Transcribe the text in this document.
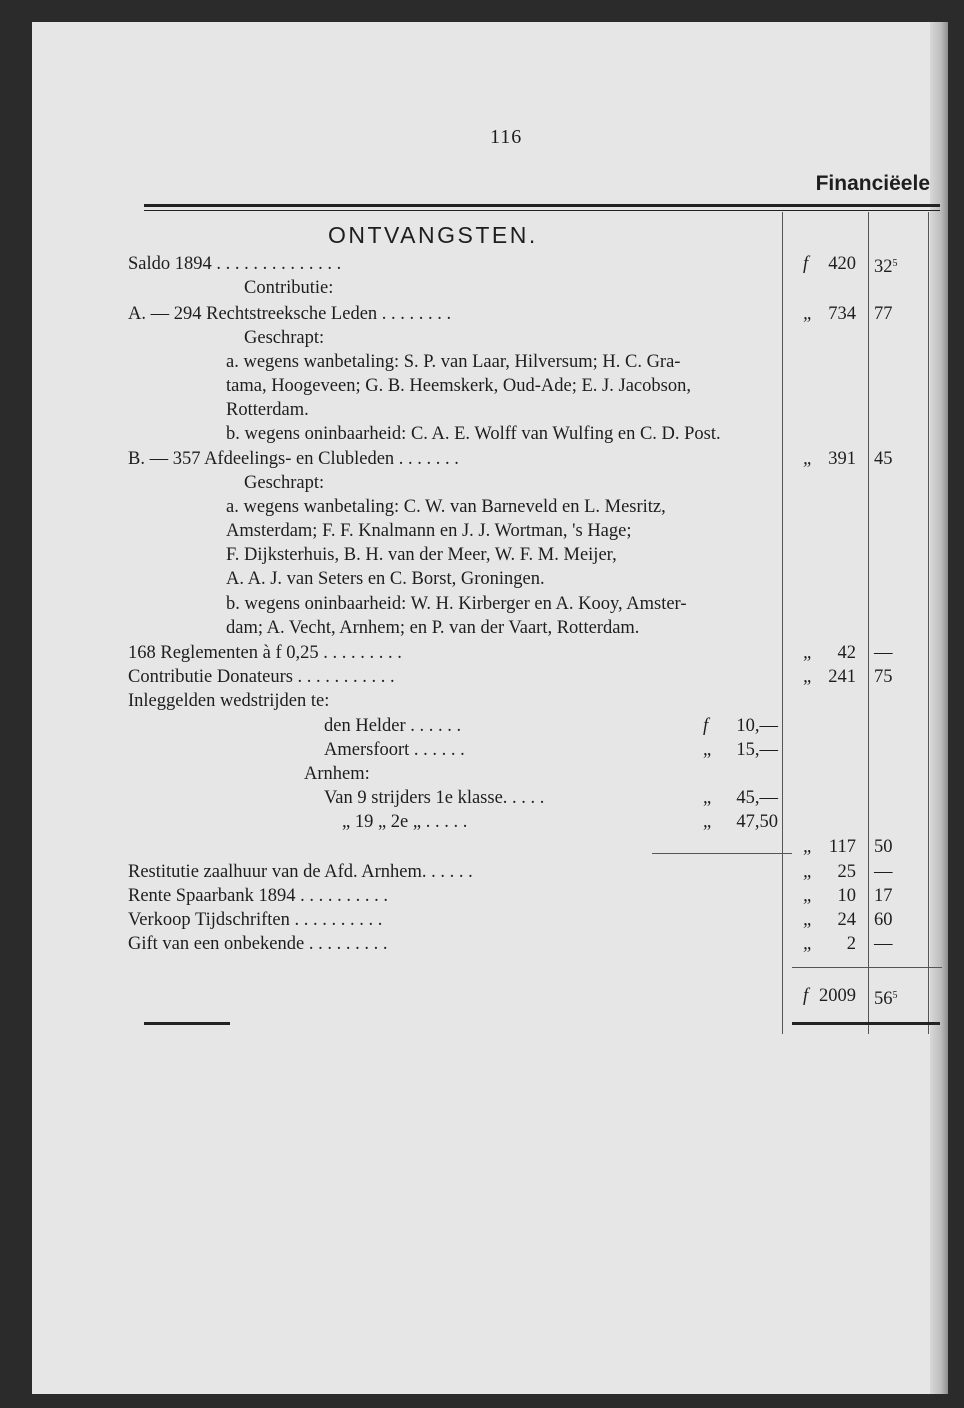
116
Financiëele
ONTVANGSTEN.
Saldo 1894 . . . . . . . . . . . . . .	f 420 $32^5$
Contributie:
A. — 294 Rechtstreeksche Leden . . . . . . . .	„ 734 77
Geschrapt:
a. wegens wanbetaling: S. P. van Laar, Hilversum; H. C. Gra-
tama, Hoogeveen; G. B. Heemskerk, Oud-Ade; E. J. Jacobson,
Rotterdam.
b. wegens oninbaarheid: C. A. E. Wolff van Wulfing en C. D. Post.
B. — 357 Afdeelings- en Clubleden . . . . . . .	„ 391 45
Geschrapt:
a. wegens wanbetaling: C. W. van Barneveld en L. Mesritz,
Amsterdam; F. F. Knalmann en J. J. Wortman, 's Hage;
F. Dijksterhuis, B. H. van der Meer, W. F. M. Meijer,
A. A. J. van Seters en C. Borst, Groningen.
b. wegens oninbaarheid: W. H. Kirberger en A. Kooy, Amster-
dam; A. Vecht, Arnhem; en P. van der Vaart, Rotterdam.
168 Reglementen à f 0,25 . . . . . . . . .	„ 42 —
Contributie Donateurs . . . . . . . . . . .	„ 241 75
Inleggelden wedstrijden te:
den Helder . . . . . .	f 10,—
Amersfoort . . . . . .	„ 15,—
Arnhem:
Van 9 strijders 1e klasse. . . . .	„ 45,—
„ 19 „ 2e „ . . . . .	„ 47,50
„ 117 50
Restitutie zaalhuur van de Afd. Arnhem. . . . . .	„ 25 —
Rente Spaarbank 1894 . . . . . . . . . .	„ 10 17
Verkoop Tijdschriften . . . . . . . . . .	„ 24 60
Gift van een onbekende . . . . . . . . .	„ 2 —
f 2009 $56^5$
